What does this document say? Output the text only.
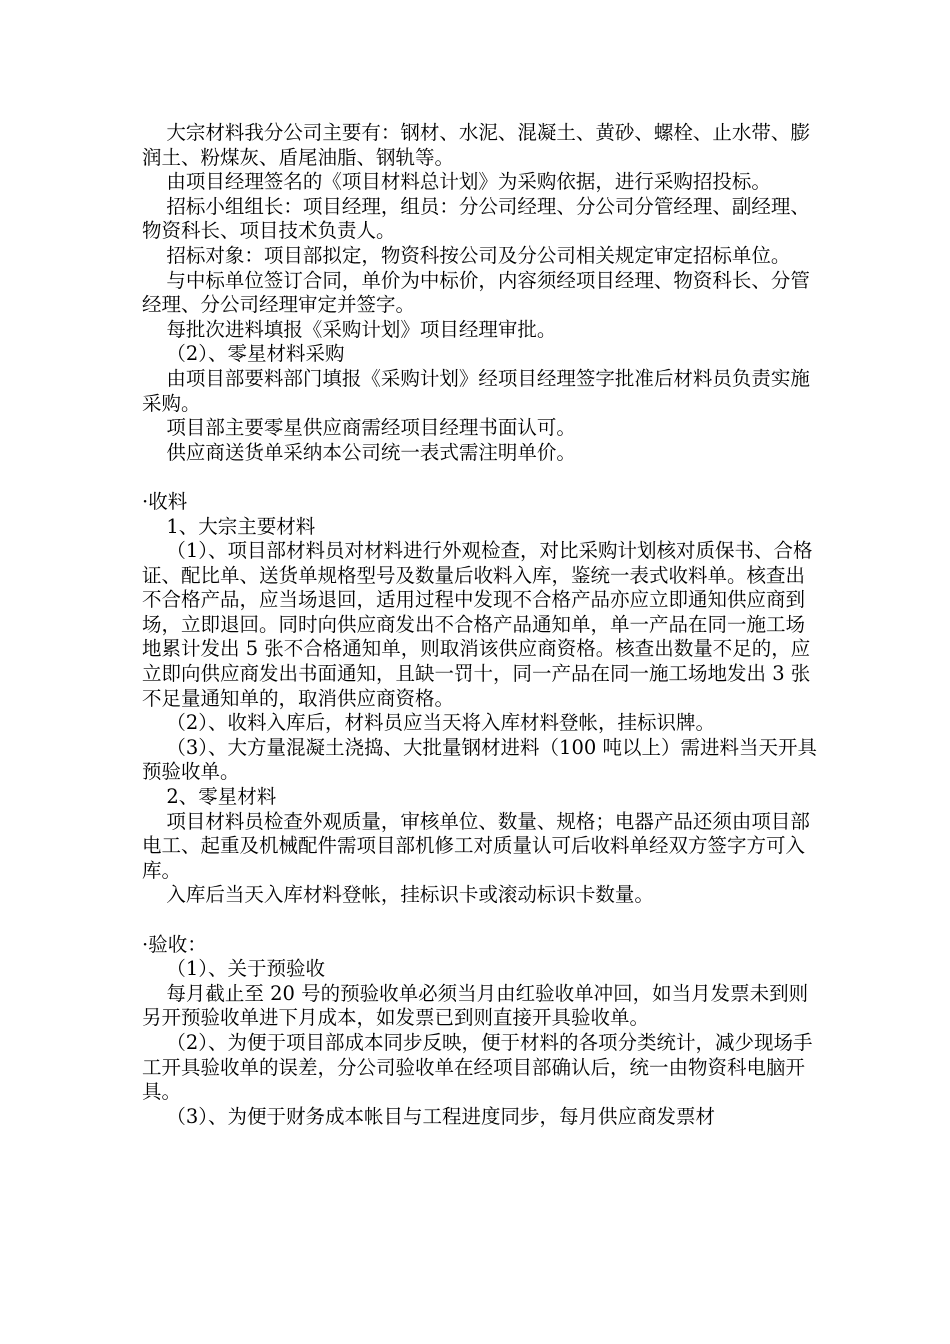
大宗材料我分公司主要有：钢材、水泥、混凝土、黄砂、螺栓、止水带、膨润土、粉煤灰、盾尾油脂、钢轨等。

由项目经理签名的《项目材料总计划》为采购依据，进行采购招投标。

招标小组组长：项目经理，组员：分公司经理、分公司分管经理、副经理、物资科长、项目技术负责人。

招标对象：项目部拟定，物资科按公司及分公司相关规定审定招标单位。

与中标单位签订合同，单价为中标价，内容须经项目经理、物资科长、分管经理、分公司经理审定并签字。

每批次进料填报《采购计划》项目经理审批。

（2）、零星材料采购

由项目部要料部门填报《采购计划》经项目经理签字批准后材料员负责实施采购。

项目部主要零星供应商需经项目经理书面认可。

供应商送货单采纳本公司统一表式需注明单价。

·收料

1、大宗主要材料

（1）、项目部材料员对材料进行外观检查，对比采购计划核对质保书、合格证、配比单、送货单规格型号及数量后收料入库，鉴统一表式收料单。核查出不合格产品，应当场退回，适用过程中发现不合格产品亦应立即通知供应商到场，立即退回。同时向供应商发出不合格产品通知单，单一产品在同一施工场地累计发出 5 张不合格通知单，则取消该供应商资格。核查出数量不足的，应立即向供应商发出书面通知，且缺一罚十，同一产品在同一施工场地发出 3 张不足量通知单的，取消供应商资格。

（2）、收料入库后，材料员应当天将入库材料登帐，挂标识牌。

（3）、大方量混凝土浇捣、大批量钢材进料（100 吨以上）需进料当天开具预验收单。

2、零星材料

项目材料员检查外观质量，审核单位、数量、规格；电器产品还须由项目部电工、起重及机械配件需项目部机修工对质量认可后收料单经双方签字方可入库。

入库后当天入库材料登帐，挂标识卡或滚动标识卡数量。

·验收：

（1）、关于预验收

每月截止至 20 号的预验收单必须当月由红验收单冲回，如当月发票未到则另开预验收单进下月成本，如发票已到则直接开具验收单。

（2）、为便于项目部成本同步反映，便于材料的各项分类统计，减少现场手工开具验收单的误差，分公司验收单在经项目部确认后，统一由物资科电脑开具。

（3）、为便于财务成本帐目与工程进度同步，每月供应商发票材
